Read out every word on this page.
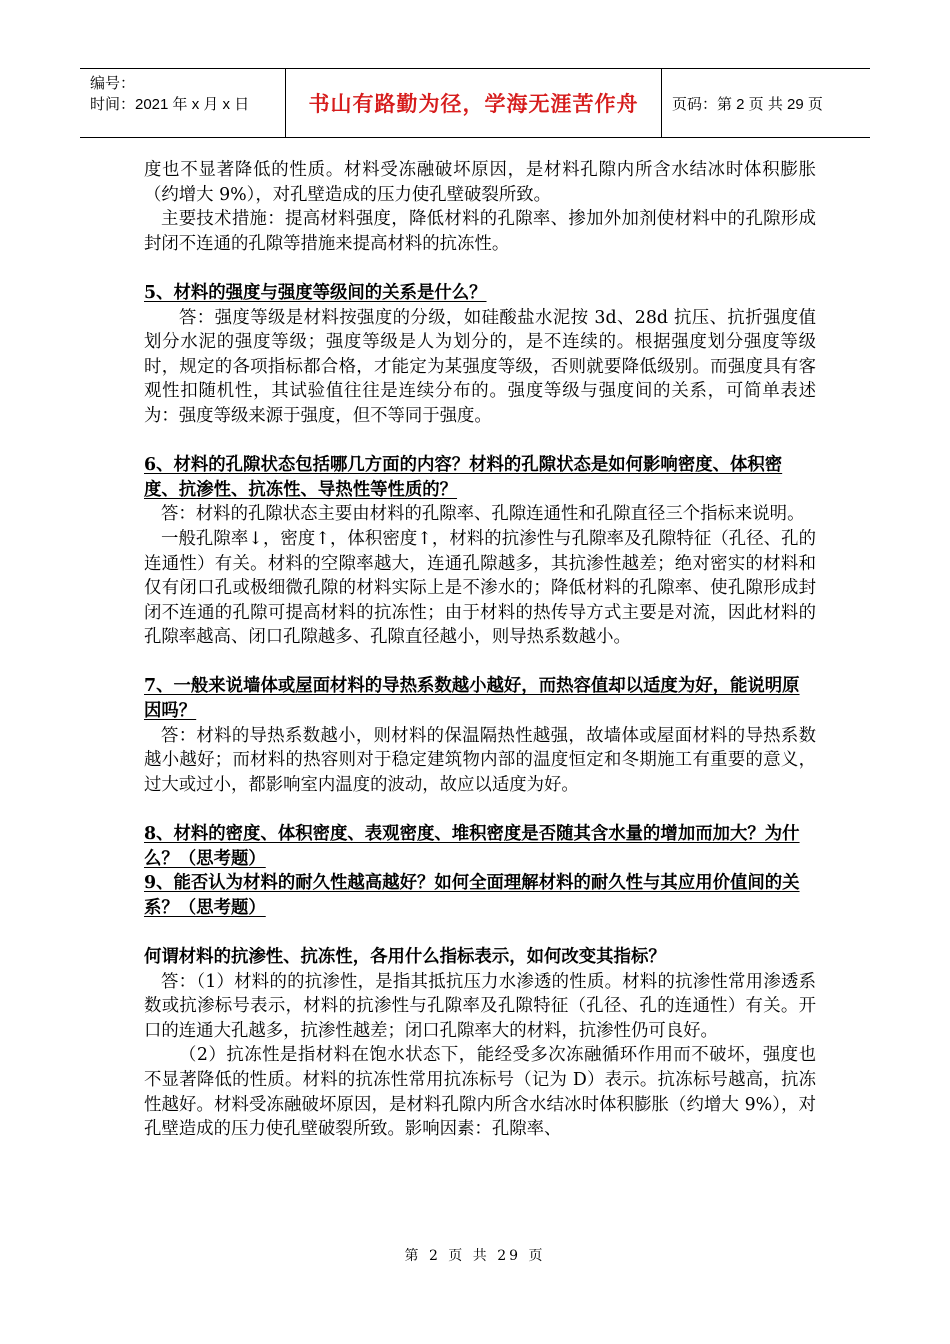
编号：
时间：2021 年 x 月 x 日	书山有路勤为径，学海无涯苦作舟	页码：第 2 页 共 29 页

度也不显著降低的性质。材料受冻融破坏原因，是材料孔隙内所含水结冰时体积膨胀（约增大 9%），对孔壁造成的压力使孔壁破裂所致。

主要技术措施：提高材料强度，降低材料的孔隙率、掺加外加剂使材料中的孔隙形成封闭不连通的孔隙等措施来提高材料的抗冻性。

5、材料的强度与强度等级间的关系是什么？

答：强度等级是材料按强度的分级，如硅酸盐水泥按 3d、28d 抗压、抗折强度值划分水泥的强度等级；强度等级是人为划分的，是不连续的。根据强度划分强度等级时，规定的各项指标都合格，才能定为某强度等级，否则就要降低级别。而强度具有客观性扣随机性，其试验值往往是连续分布的。强度等级与强度间的关系，可简单表述为：强度等级来源于强度，但不等同于强度。

6、材料的孔隙状态包括哪几方面的内容？材料的孔隙状态是如何影响密度、体积密度、抗渗性、抗冻性、导热性等性质的？

答：材料的孔隙状态主要由材料的孔隙率、孔隙连通性和孔隙直径三个指标来说明。

一般孔隙率↓，密度↑，体积密度↑，材料的抗渗性与孔隙率及孔隙特征（孔径、孔的连通性）有关。材料的空隙率越大，连通孔隙越多，其抗渗性越差；绝对密实的材料和仅有闭口孔或极细微孔隙的材料实际上是不渗水的；降低材料的孔隙率、使孔隙形成封闭不连通的孔隙可提高材料的抗冻性；由于材料的热传导方式主要是对流，因此材料的孔隙率越高、闭口孔隙越多、孔隙直径越小，则导热系数越小。

7、一般来说墙体或屋面材料的导热系数越小越好，而热容值却以适度为好，能说明原因吗？

答：材料的导热系数越小，则材料的保温隔热性越强，故墙体或屋面材料的导热系数越小越好；而材料的热容则对于稳定建筑物内部的温度恒定和冬期施工有重要的意义，过大或过小，都影响室内温度的波动，故应以适度为好。

8、材料的密度、体积密度、表观密度、堆积密度是否随其含水量的增加而加大？为什么？（思考题）

9、能否认为材料的耐久性越高越好？如何全面理解材料的耐久性与其应用价值间的关系？（思考题）

何谓材料的抗渗性、抗冻性，各用什么指标表示，如何改变其指标？

答：（1）材料的的抗渗性，是指其抵抗压力水渗透的性质。材料的抗渗性常用渗透系数或抗渗标号表示，材料的抗渗性与孔隙率及孔隙特征（孔径、孔的连通性）有关。开口的连通大孔越多，抗渗性越差；闭口孔隙率大的材料，抗渗性仍可良好。

（2）抗冻性是指材料在饱水状态下，能经受多次冻融循环作用而不破坏，强度也不显著降低的性质。材料的抗冻性常用抗冻标号（记为 D）表示。抗冻标号越高，抗冻性越好。材料受冻融破坏原因，是材料孔隙内所含水结冰时体积膨胀（约增大 9%），对孔壁造成的压力使孔壁破裂所致。影响因素：孔隙率、

第 2 页 共 29 页
